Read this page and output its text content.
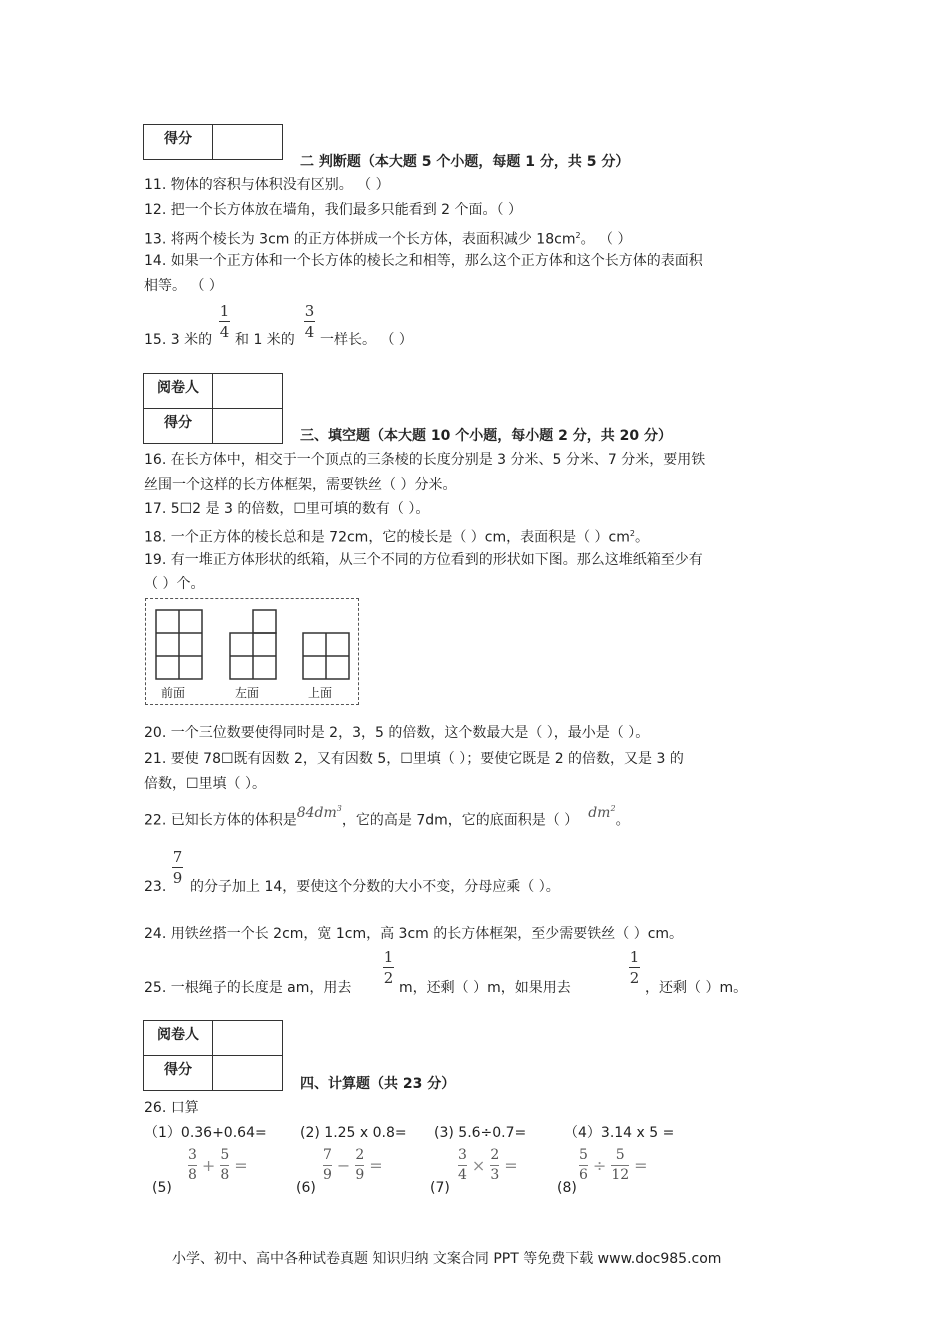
得分	
二 判断题（本大题 5 个小题，每题 1 分，共 5 分）
11. 物体的容积与体积没有区别。 （ ）
12. 把一个长方体放在墙角，我们最多只能看到 2 个面。（ ）
13. 将两个棱长为 3cm 的正方体拼成一个长方体，表面积减少 $18cm^2$。 （ ）
14. 如果一个正方体和一个长方体的棱长之和相等，那么这个正方体和这个长方体的表面积
相等。 （ ）
15. 3 米的
1
4 和 1 米的
3
4 一样长。 （ ）
阅卷人	
得分	
三、填空题（本大题 10 个小题，每小题 2 分，共 20 分）
16. 在长方体中，相交于一个顶点的三条棱的长度分别是 3 分米、5 分米、7 分米，要用铁
丝围一个这样的长方体框架，需要铁丝（ ）分米。
17. 5☐2 是 3 的倍数，☐里可填的数有（ ）。
18. 一个正方体的棱长总和是 72cm，它的棱长是（ ）cm，表面积是（ ）$cm^2$。
19. 有一堆正方体形状的纸箱，从三个不同的方位看到的形状如下图。那么这堆纸箱至少有
（ ）个。
前面	左面	上面
20. 一个三位数要使得同时是 2，3，5 的倍数，这个数最大是（ ），最小是（ ）。
21. 要使 78☐既有因数 2，又有因数 5，☐里填（ ）；要使它既是 2 的倍数，又是 3 的
倍数，☐里填（ ）。
22. 已知长方体的体积是$84dm^3$，它的高是 7dm，它的底面积是（ ） $dm^2$。
23.
7
9 的分子加上 14，要使这个分数的大小不变，分母应乘（ ）。
24. 用铁丝搭一个长 2cm，宽 1cm，高 3cm 的长方体框架，至少需要铁丝（ ）cm。
25. 一根绳子的长度是 am，用去
1
2
m，还剩（ ）m，如果用去
1
2
，还剩（ ）m。
阅卷人	
得分	
四、计算题（共 23 分）
26. 口算
（1）0.36+0.64= (2) 1.25 x 0.8= (3) 5.6÷0.7=	（4）3.14 x 5 =
(5)
3
8 +
5
8 =
(6)
7
9 −
2
9 =
(7)
3
4 ×
2
3 =
(8)
5
6 ÷
5
12 =
小学、初中、高中各种试卷真题 知识归纳 文案合同 PPT 等免费下载 www.doc985.com
